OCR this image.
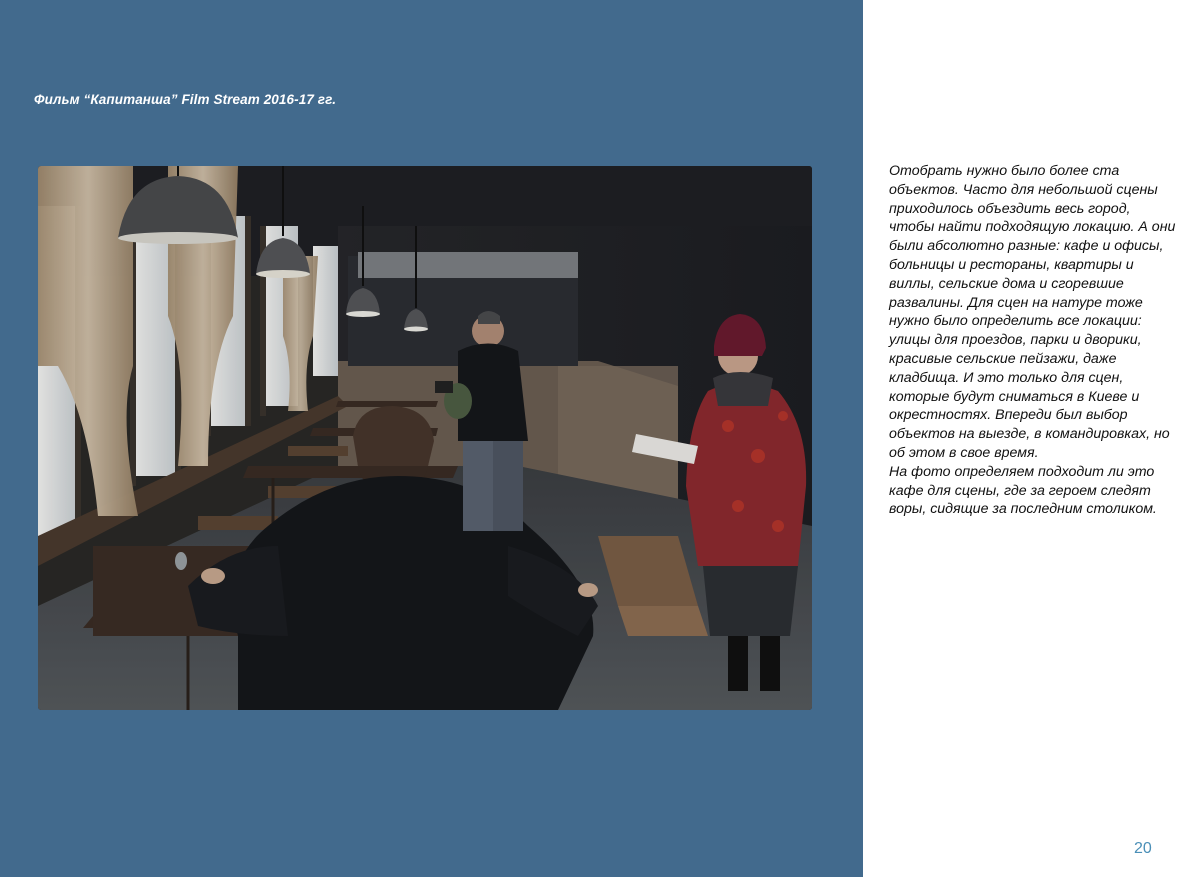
Фильм “Капитанша” Film Stream 2016-17 гг.

Отобрать нужно было более ста объектов. Часто для небольшой сцены приходилось объездить весь город, чтобы найти подходящую локацию. А они были абсолютно разные: кафе и офисы, больницы и рестораны, квартиры и виллы, сельские дома и сгоревшие развалины. Для сцен на натуре тоже нужно было определить все локации: улицы для проездов, парки и дворики, красивые сельские пейзажи, даже кладбища. И это только для сцен, которые будут сниматься в Киеве и окрестностях. Впереди был выбор объектов на выезде, в командировках, но об этом в свое время.

На фото определяем подходит ли это кафе для сцены, где за героем следят воры, сидящие за последним столиком.

20
